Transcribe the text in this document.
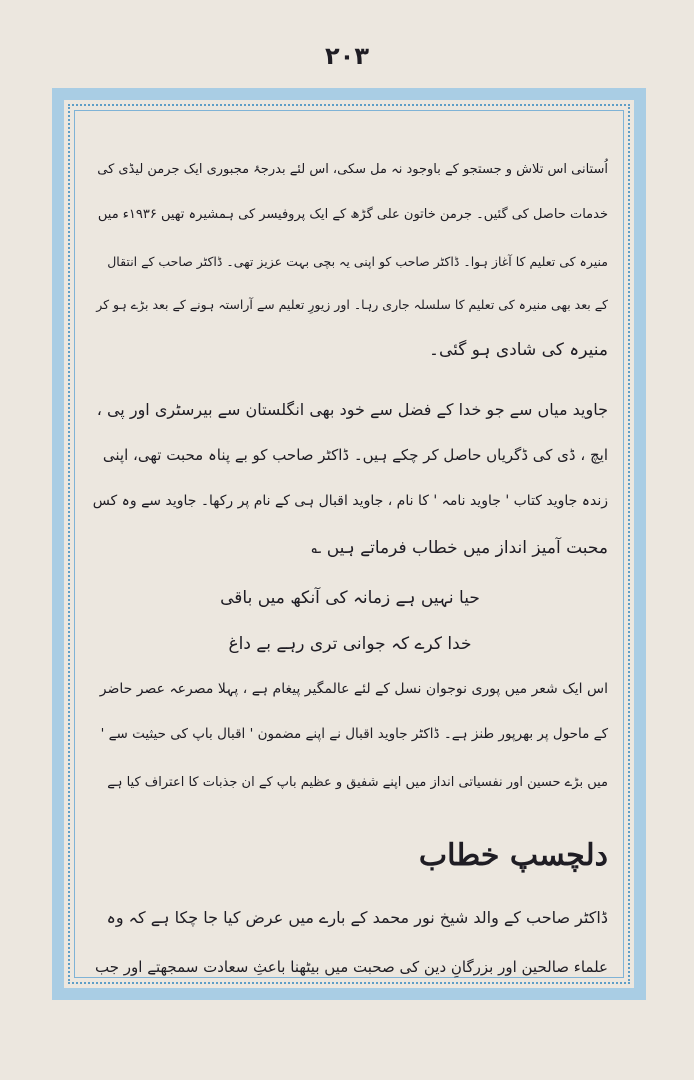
۲۰۳
اُستانی اس تلاش و جستجو کے باوجود نہ مل سکی، اس لئے بدرجۂ مجبوری ایک جرمن لیڈی کی
خدمات حاصل کی گئیں۔ جرمن خاتون علی گڑھ کے ایک پروفیسر کی ہمشیرہ تھیں ۱۹۳۶ء میں
منیرہ کی تعلیم کا آغاز ہوا۔ ڈاکٹر صاحب کو اپنی یہ بچی بہت عزیز تھی۔ ڈاکٹر صاحب کے انتقال
کے بعد بھی منیرہ کی تعلیم کا سلسلہ جاری رہا۔ اور زیورِ تعلیم سے آراستہ ہونے کے بعد بڑے ہو کر
منیرہ کی شادی ہو گئی۔
جاوید میاں سے جو خدا کے فضل سے خود بھی انگلستان سے بیرسٹری اور پی ،
ایچ ، ڈی کی ڈگریاں حاصل کر چکے ہیں۔ ڈاکٹر صاحب کو بے پناہ محبت تھی، اپنی
زندہ جاوید کتاب ' جاوید نامہ ' کا نام ، جاوید اقبال ہی کے نام پر رکھا۔ جاوید سے وہ کس
محبت آمیز انداز میں خطاب فرماتے ہیں ؎
حیا نہیں ہے زمانہ کی آنکھ میں باقی
خدا کرے کہ جوانی تری رہے بے داغ
اس ایک شعر میں پوری نوجوان نسل کے لئے عالمگیر پیغام ہے ، پہلا مصرعہ عصر حاضر
کے ماحول پر بھرپور طنز ہے۔ ڈاکٹر جاوید اقبال نے اپنے مضمون ' اقبال باپ کی حیثیت سے '
میں بڑے حسین اور نفسیاتی انداز میں اپنے شفیق و عظیم باپ کے ان جذبات کا اعتراف کیا ہے
دلچسپ خطاب
ڈاکٹر صاحب کے والد شیخ نور محمد کے بارے میں عرض کیا جا چکا ہے کہ وہ
علماء صالحین اور بزرگانِ دین کی صحبت میں بیٹھنا باعثِ سعادت سمجھتے اور جب
